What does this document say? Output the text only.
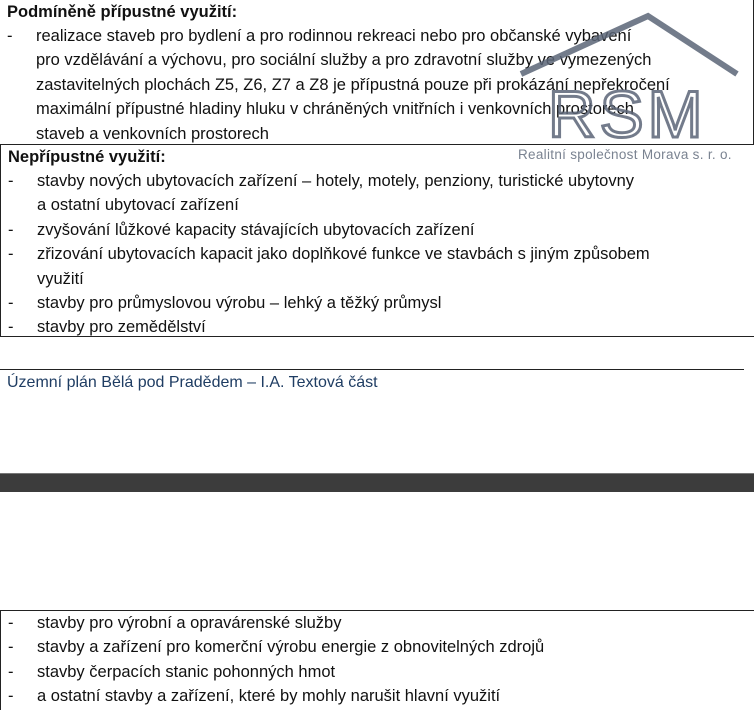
Podmíněně přípustné využití:
- realizace staveb pro bydlení a pro rodinnou rekreaci nebo pro občanské vybavení
pro vzdělávání a výchovu, pro sociální služby a pro zdravotní služby ve vymezených
zastavitelných plochách Z5, Z6, Z7 a Z8 je přípustná pouze při prokázání nepřekročení
maximální přípustné hladiny hluku v chráněných vnitřních i venkovních prostorech
staveb a venkovních prostorech
Nepřípustné využití:
- stavby nových ubytovacích zařízení – hotely, motely, penziony, turistické ubytovny
a ostatní ubytovací zařízení
- zvyšování lůžkové kapacity stávajících ubytovacích zařízení
- zřizování ubytovacích kapacit jako doplňkové funkce ve stavbách s jiným způsobem
využití
- stavby pro průmyslovou výrobu – lehký a těžký průmysl
- stavby pro zemědělství
Územní plán Bělá pod Pradědem – I.A. Textová část
- stavby pro výrobní a opravárenské služby
- stavby a zařízení pro komerční výrobu energie z obnovitelných zdrojů
- stavby čerpacích stanic pohonných hmot
- a ostatní stavby a zařízení, které by mohly narušit hlavní využití
RSM
Realitní společnost Morava s. r. o.
